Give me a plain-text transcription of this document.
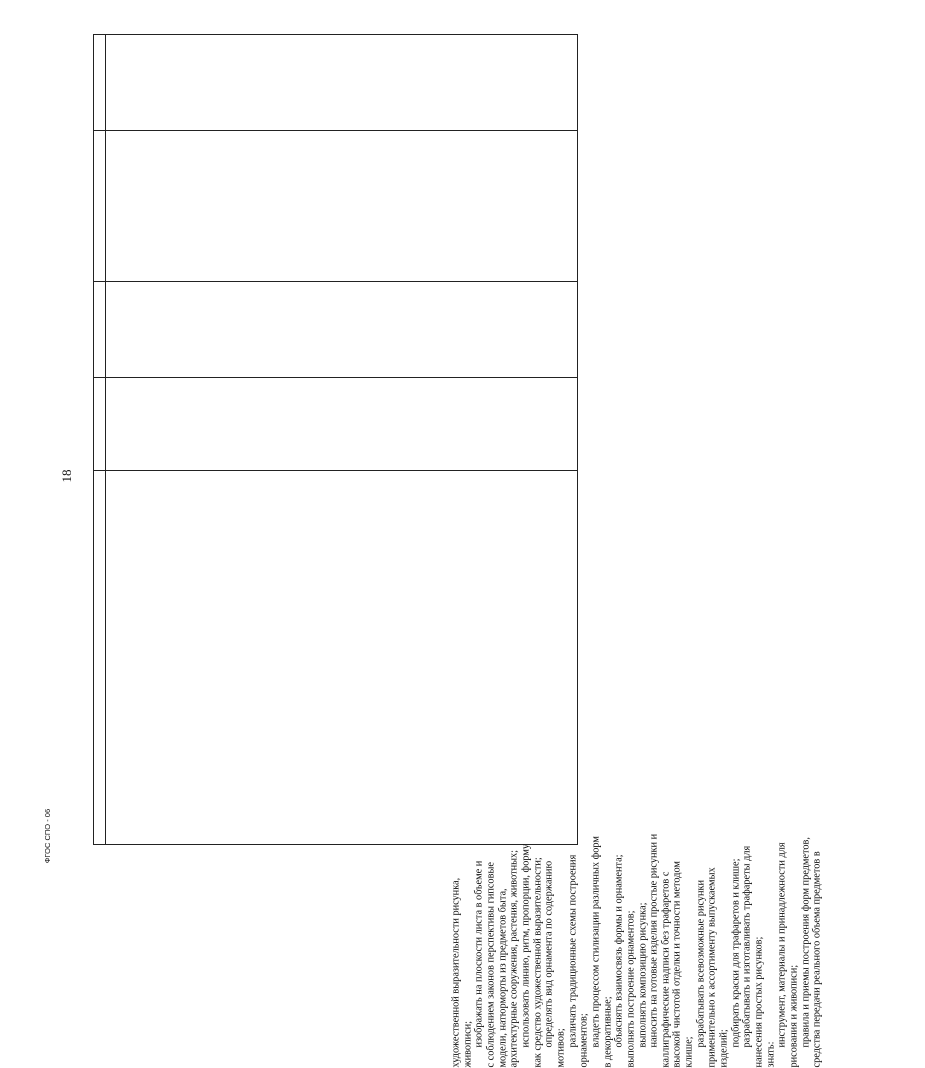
18
художественной выразительности рисунка, живописи; изображать на плоскости листа в объеме и с соблюдением законов перспективы гипсовые модели, натюрморты из предметов быта, архитектурные сооружения, растения, животных; использовать линию, ритм, пропорции, форму как средство художественной выразительности; определять вид орнамента по содержанию
мотивов;
различать традиционные схемы построения орнаментов; владеть процессом стилизации различных форм в декоративные; объяснять взаимосвязь формы и орнамента; выполнять построение орнаментов; выполнять композицию рисунка; наносить на готовые изделия простые рисунки и каллиграфические надписи без трафаретов с высокой чистотой отделки и точности методом клише;
разрабатывать всевозможные рисунки применительно к ассортименту выпускаемых изделий;
подбирать краски для трафаретов и клише; разрабатывать и изготавливать трафареты для нанесения простых рисунков; знать:
инструмент, материалы и принадлежности для рисования и живописи; правила и приемы построения форм предметов, средства передачи реального объема предметов в
ФГОС СПО - 06
